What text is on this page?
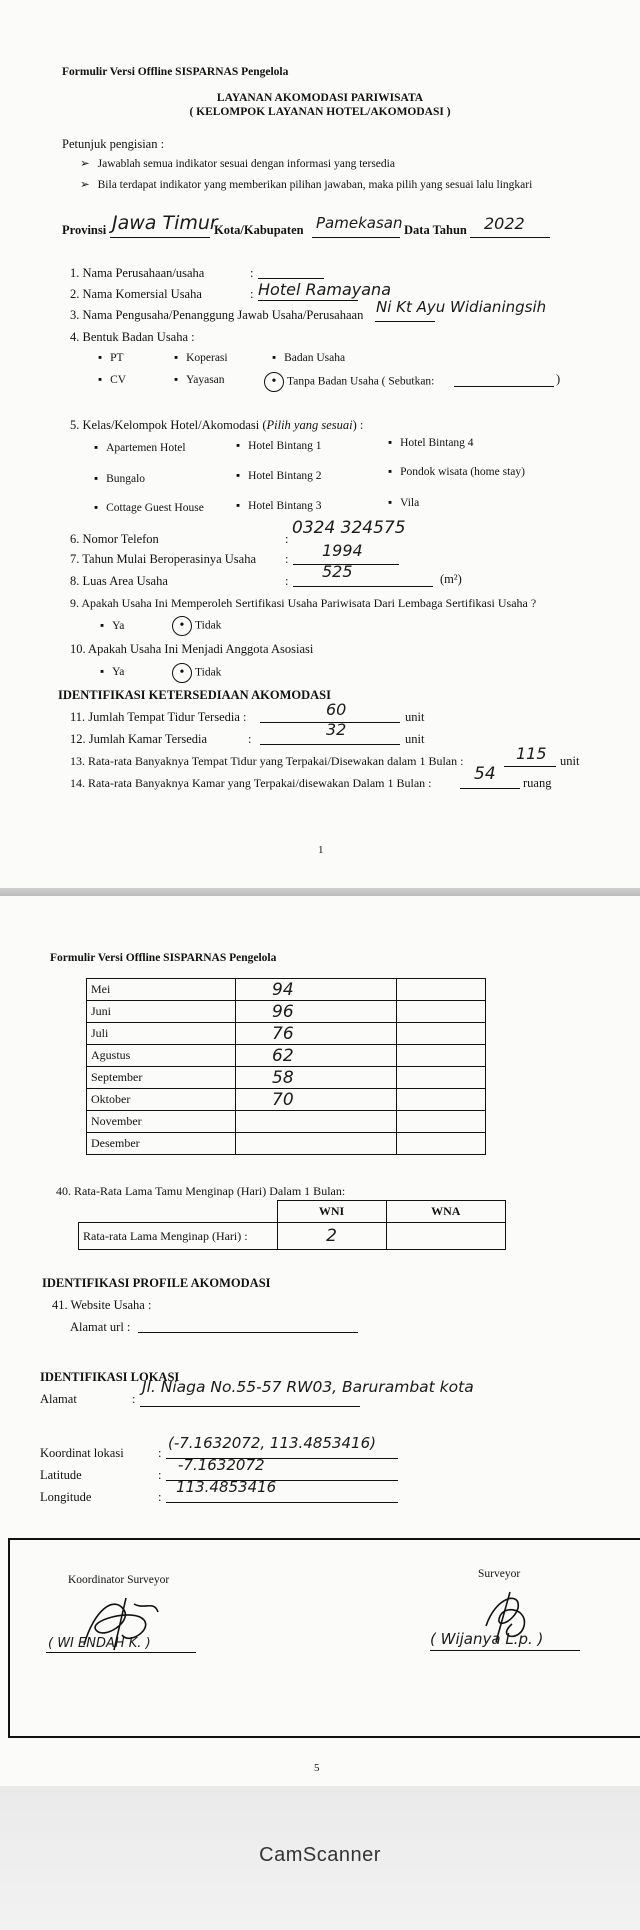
Formulir Versi Offline SISPARNAS Pengelola
LAYANAN AKOMODASI PARIWISATA
( KELOMPOK LAYANAN HOTEL/AKOMODASI )
Petunjuk pengisian :
➢ Jawablah semua indikator sesuai dengan informasi yang tersedia
➢ Bila terdapat indikator yang memberikan pilihan jawaban, maka pilih yang sesuai lalu lingkari
Provinsi Jawa Timur
Kota/Kabupaten Pamekasan Data Tahun 2022
1. Nama Perusahaan/usaha	:
2. Nama Komersial Usaha	: Hotel Ramayana
3. Nama Pengusaha/Penanggung Jawab Usaha/Perusahaan Ni Kt Ayu Widianingsih
4. Bentuk Badan Usaha :
▪ PT	▪ Koperasi	▪ Badan Usaha
▪ CV	▪ Yayasan	• Tanpa Badan Usaha ( Sebutkan:	)
5. Kelas/Kelompok Hotel/Akomodasi (Pilih yang sesuai) :
▪ Apartemen Hotel	▪ Hotel Bintang 1	▪ Hotel Bintang 4
▪ Bungalo	▪ Hotel Bintang 2	▪ Pondok wisata (home stay)
▪ Cottage Guest House	▪ Hotel Bintang 3	▪ Vila
6. Nomor Telefon	:
0324 324575
7. Tahun Mulai Beroperasinya Usaha : 1994
8. Luas Area Usaha	: 525	(m²)
9. Apakah Usaha Ini Memperoleh Sertifikasi Usaha Pariwisata Dari Lembaga Sertifikasi Usaha ?
▪ Ya	• Tidak
10. Apakah Usaha Ini Menjadi Anggota Asosiasi
▪ Ya	• Tidak
IDENTIFIKASI KETERSEDIAAN AKOMODASI
11. Jumlah Tempat Tidur Tersedia :	60	unit
12. Jumlah Kamar Tersedia	:	32	unit
13. Rata-rata Banyaknya Tempat Tidur yang Terpakai/Disewakan dalam 1 Bulan :	115 unit
14. Rata-rata Banyaknya Kamar yang Terpakai/disewakan Dalam 1 Bulan :	54 ruang
1
Formulir Versi Offline SISPARNAS Pengelola
Mei	94	
Juni	96	
Juli	76	
Agustus	62	
September	58	
Oktober	70	
November		
Desember		
40. Rata-Rata Lama Tamu Menginap (Hari) Dalam 1 Bulan:
	WNI	WNA
Rata-rata Lama Menginap (Hari) :	2	
IDENTIFIKASI PROFILE AKOMODASI
41. Website Usaha :
Alamat url :
IDENTIFIKASI LOKASI
Alamat	:
Jl. Niaga No.55-57 RW03, Barurambat kota
Koordinat lokasi	:
(-7.1632072, 113.4853416)
Latitude	:
-7.1632072
Longitude	:
113.4853416
Koordinator Surveyor
( WI ENDAH K. )
Surveyor
( Wijanya L.p. )
5
CamScanner
